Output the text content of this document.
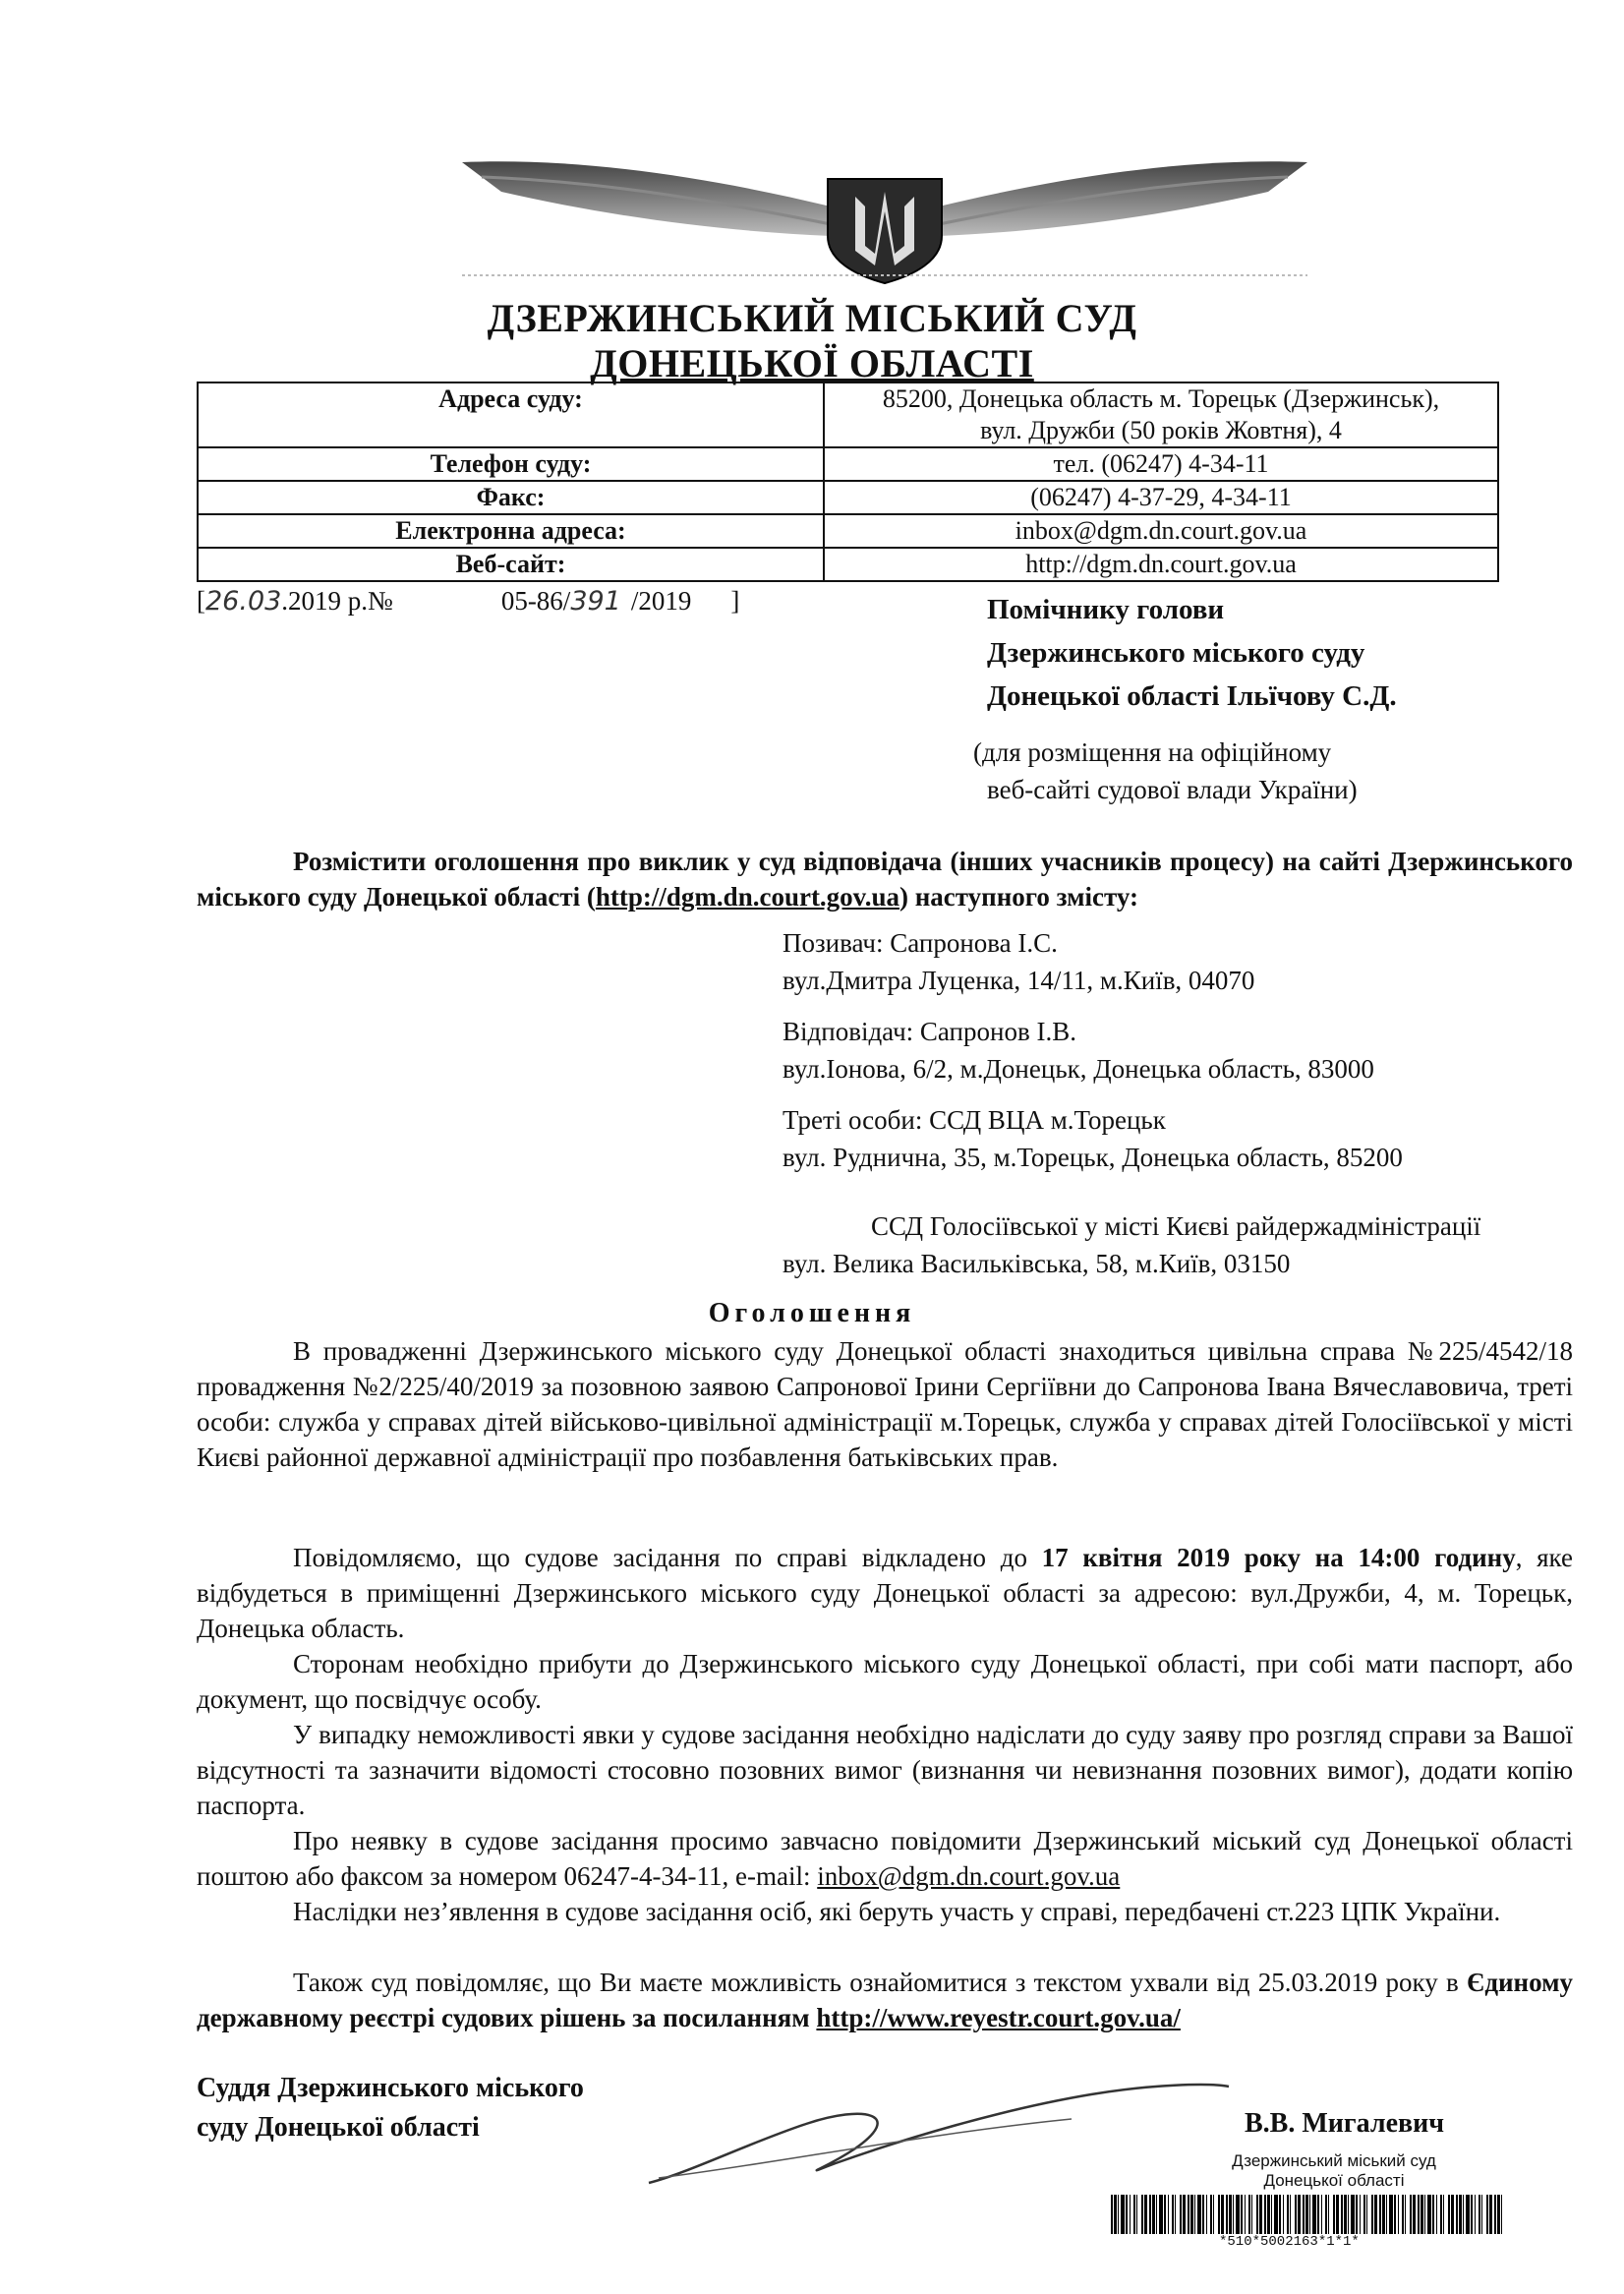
ДЗЕРЖИНСЬКИЙ МІСЬКИЙ СУД
ДОНЕЦЬКОЇ ОБЛАСТІ
Адреса суду:	85200, Донецька область м. Торецьк (Дзержинськ),
вул. Дружби (50 років Жовтня), 4

Телефон суду:	тел. (06247) 4-34-11
Факс:	(06247) 4-37-29, 4-34-11
Електронна адреса:	inbox@dgm.dn.court.gov.ua
Веб-сайт:	http://dgm.dn.court.gov.ua
[26.03.2019 р.№	05-86/391 /2019 ]	Помічнику голови
Дзержинського міського суду
Донецької області Ільїчову С.Д.
(для розміщення на офіційному
веб-сайті судової влади України)
Розмістити оголошення про виклик у суд відповідача (інших учасників процесу) на сайті Дзержинського міського суду Донецької області (http://dgm.dn.court.gov.ua) наступного змісту:
Позивач: Сапронова І.С.
вул.Дмитра Луценка, 14/11, м.Київ, 04070
Відповідач: Сапронов І.В.
вул.Іонова, 6/2, м.Донецьк, Донецька область, 83000
Треті особи: ССД ВЦА м.Торецьк
вул. Руднична, 35, м.Торецьк, Донецька область, 85200
ССД Голосіївської у місті Києві райдержадміністрації
вул. Велика Васильківська, 58, м.Київ, 03150
Оголошення
В провадженні Дзержинського міського суду Донецької області знаходиться цивільна справа №225/4542/18 провадження №2/225/40/2019 за позовною заявою Сапронової Ірини Сергіївни до Сапронова Івана Вячеславовича, треті особи: служба у справах дітей військово-цивільної адміністрації м.Торецьк, служба у справах дітей Голосіївської у місті Києві районної державної адміністрації про позбавлення батьківських прав.
Повідомляємо, що судове засідання по справі відкладено до 17 квітня 2019 року на 14:00 годину, яке відбудеться в приміщенні Дзержинського міського суду Донецької області за адресою: вул.Дружби, 4, м. Торецьк, Донецька область.
Сторонам необхідно прибути до Дзержинського міського суду Донецької області, при собі мати паспорт, або документ, що посвідчує особу.
У випадку неможливості явки у судове засідання необхідно надіслати до суду заяву про розгляд справи за Вашої відсутності та зазначити відомості стосовно позовних вимог (визнання чи невизнання позовних вимог), додати копію паспорта.
Про неявку в судове засідання просимо завчасно повідомити Дзержинський міський суд Донецької області поштою або факсом за номером 06247-4-34-11, e-mail: inbox@dgm.dn.court.gov.ua
Наслідки нез’явлення в судове засідання осіб, які беруть участь у справі, передбачені ст.223 ЦПК України.
Також суд повідомляє, що Ви маєте можливість ознайомитися з текстом ухвали від 25.03.2019 року в Єдиному державному реєстрі судових рішень за посиланням http://www.reyestr.court.gov.ua/
Суддя Дзержинського міського
суду Донецької області	В.В. Мигалевич
Дзержинський міський суд
Донецької області
*510*5002163*1*1*
